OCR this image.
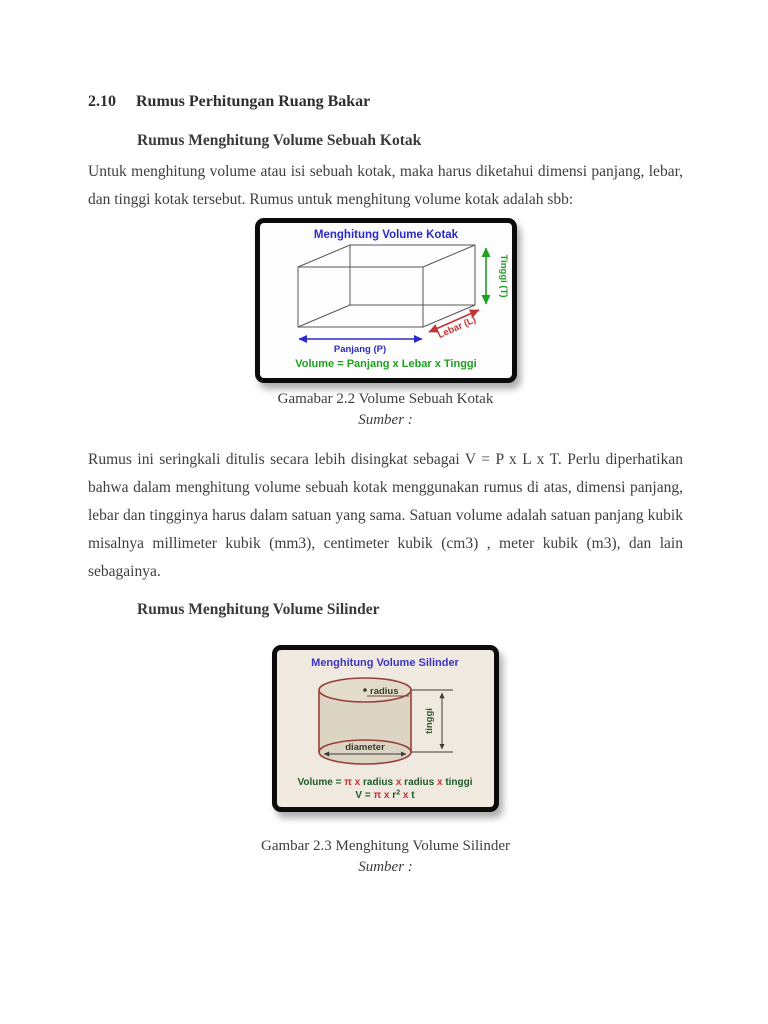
2.10 Rumus Perhitungan Ruang Bakar
Rumus Menghitung Volume Sebuah Kotak

Untuk menghitung volume atau isi sebuah kotak, maka harus diketahui dimensi panjang, lebar, dan tinggi kotak tersebut. Rumus untuk menghitung volume kotak adalah sbb:

Menghitung Volume Kotak
Tinggi (T)
Lebar (L)
Panjang (P)
Volume = Panjang x Lebar x Tinggi
Gamabar 2.2 Volume Sebuah Kotak
Sumber :

Rumus ini seringkali ditulis secara lebih disingkat sebagai V = P x L x T. Perlu diperhatikan bahwa dalam menghitung volume sebuah kotak menggunakan rumus di atas, dimensi panjang, lebar dan tingginya harus dalam satuan yang sama. Satuan volume adalah satuan panjang kubik misalnya millimeter kubik (mm3), centimeter kubik (cm3) , meter kubik (m3), dan lain sebagainya.

Rumus Menghitung Volume Silinder
Menghitung Volume Silinder
radius
tinggi
diameter
Volume = π x radius x radius x tinggi
V = π x $r^2$ x t
Gambar 2.3 Menghitung Volume Silinder
Sumber :
